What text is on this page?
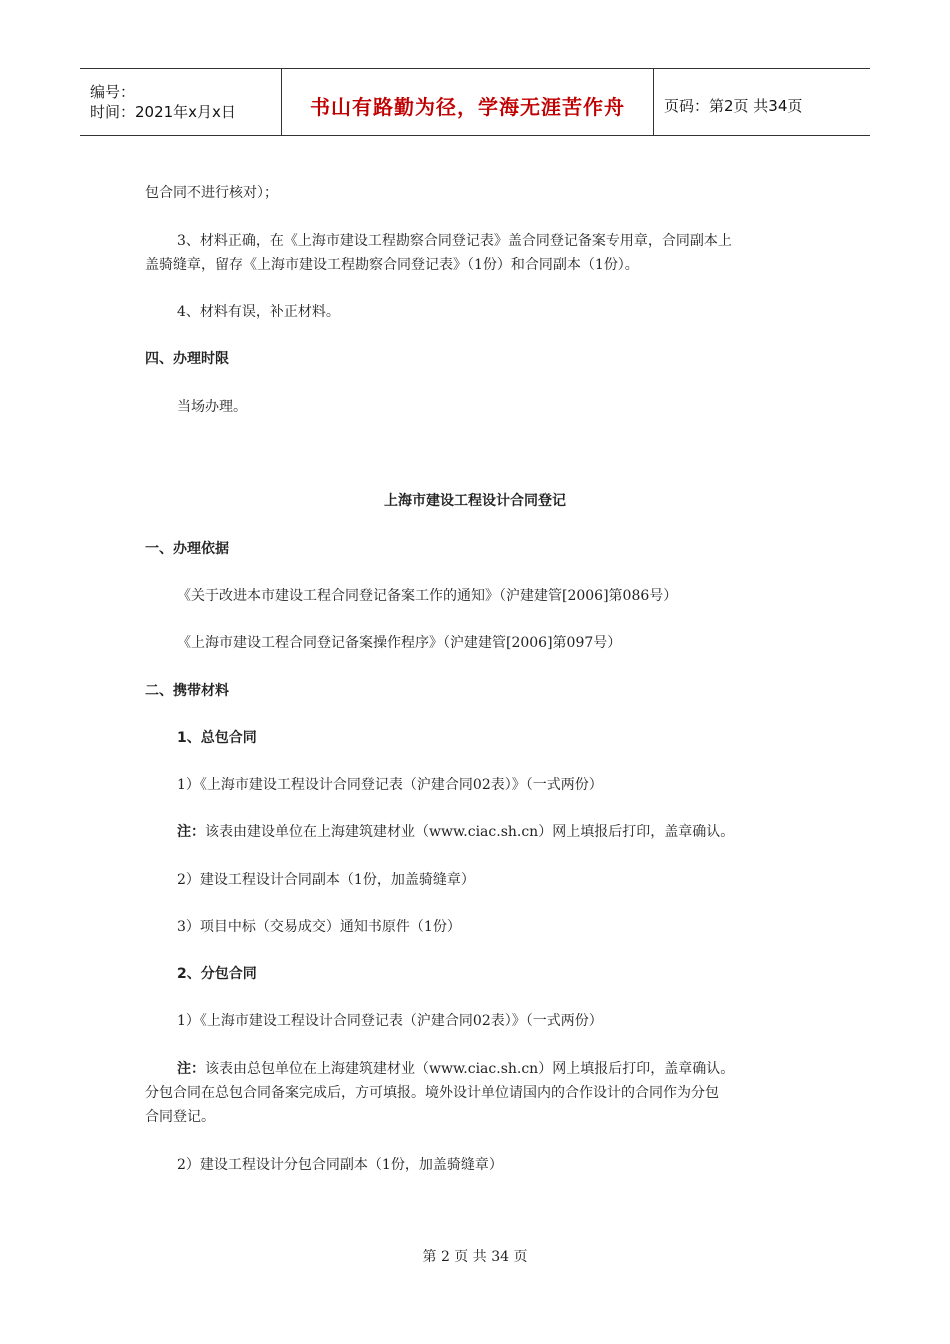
编号：
时间：2021年x月x日	书山有路勤为径，学海无涯苦作舟	页码：第2页 共34页
包合同不进行核对）；
3、材料正确，在《上海市建设工程勘察合同登记表》盖合同登记备案专用章，合同副本上
盖骑缝章，留存《上海市建设工程勘察合同登记表》（1份）和合同副本（1份）。
4、材料有误，补正材料。
四、办理时限
当场办理。
上海市建设工程设计合同登记
一、办理依据
《关于改进本市建设工程合同登记备案工作的通知》（沪建建管[2006]第086号）
《上海市建设工程合同登记备案操作程序》（沪建建管[2006]第097号）
二、携带材料
1、总包合同
1）《上海市建设工程设计合同登记表（沪建合同02表）》（一式两份）
注：该表由建设单位在上海建筑建材业（www.ciac.sh.cn）网上填报后打印，盖章确认。
2）建设工程设计合同副本（1份，加盖骑缝章）
3）项目中标（交易成交）通知书原件（1份）
2、分包合同
1）《上海市建设工程设计合同登记表（沪建合同02表）》（一式两份）
注：该表由总包单位在上海建筑建材业（www.ciac.sh.cn）网上填报后打印，盖章确认。
分包合同在总包合同备案完成后，方可填报。境外设计单位请国内的合作设计的合同作为分包
合同登记。
2）建设工程设计分包合同副本（1份，加盖骑缝章）
第 2 页 共 34 页
